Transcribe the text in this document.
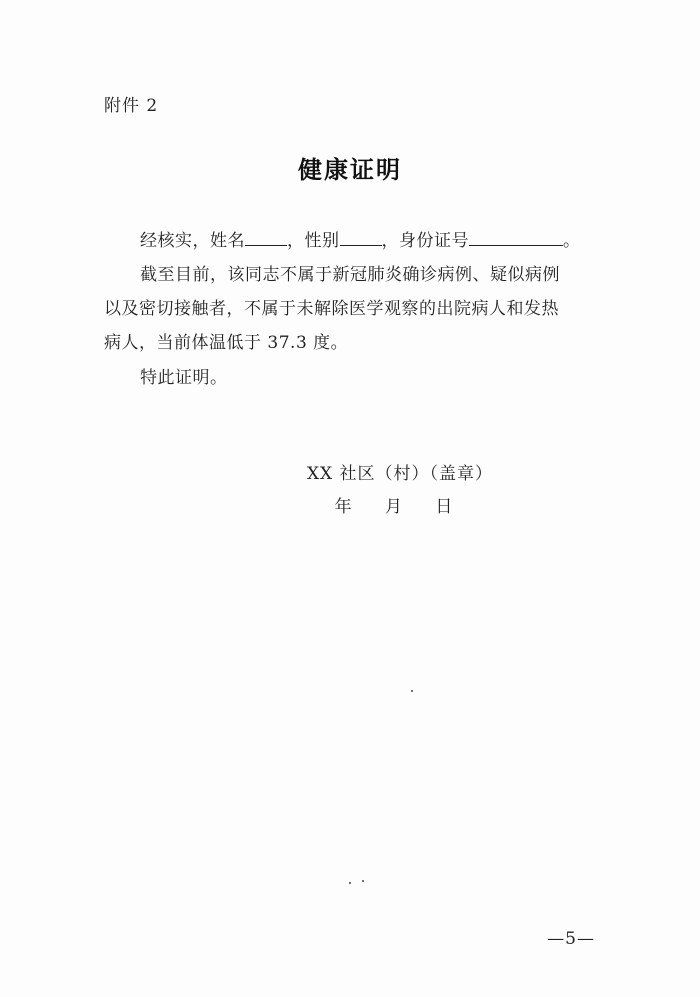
附件 2
健康证明
经核实，姓名 ，性别 ，身份证号	。
截至目前，该同志不属于新冠肺炎确诊病例、疑似病例
以及密切接触者，不属于未解除医学观察的出院病人和发热
病人，当前体温低于 37.3 度。
特此证明。
XX 社区（村）（盖章）
年 月 日
—5—
